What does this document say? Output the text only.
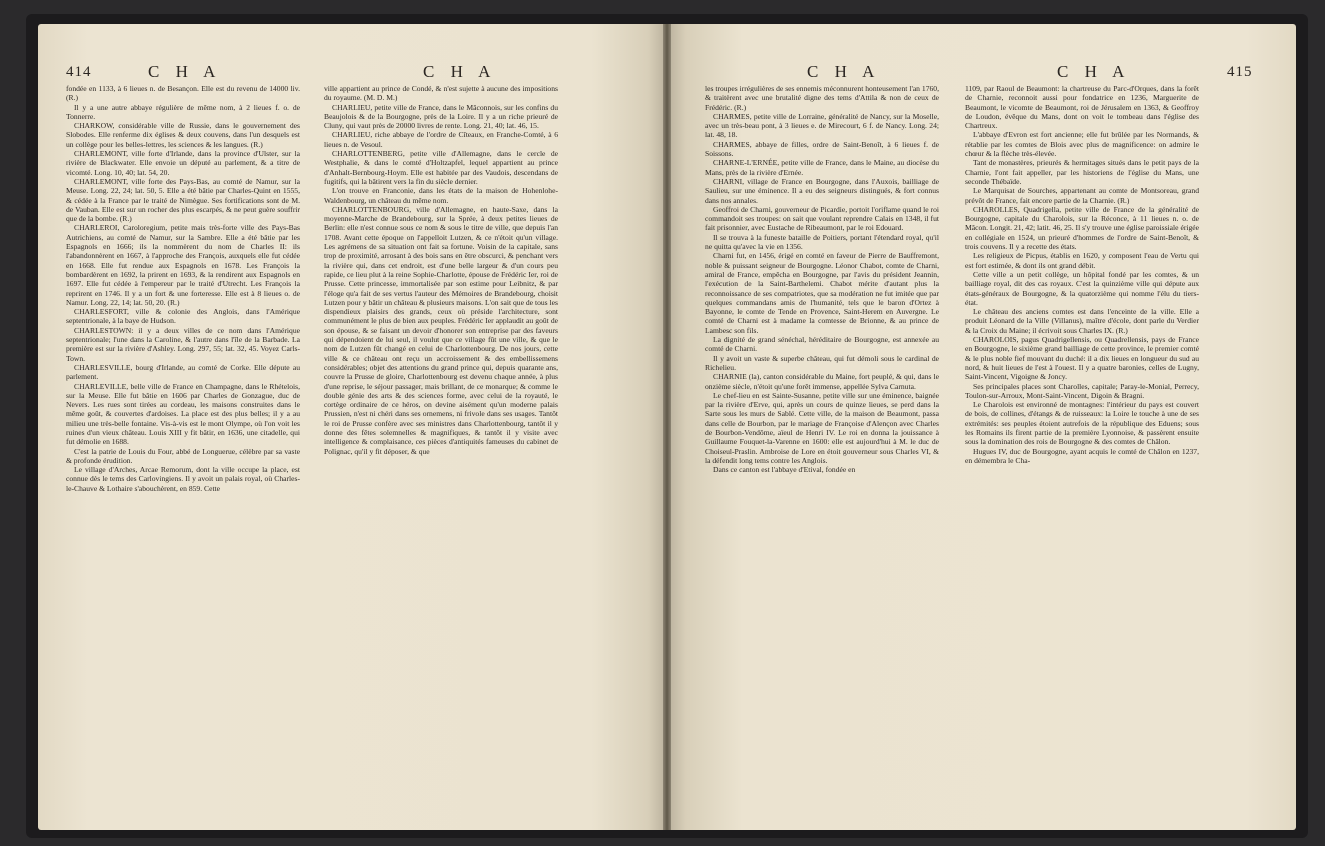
414	C H A	C H A

fondée en 1133, à 6 lieues n. de Besançon. Elle est du revenu de 14000 liv. (R.)

Il y a une autre abbaye régulière de même nom, à 2 lieues f. o. de Tonnerre.

CHARKOW, considérable ville de Russie, dans le gouvernement des Slobodes. Elle renferme dix églises & deux couvens, dans l'un desquels est un collège pour les belles-lettres, les sciences & les langues. (R.)

CHARLEMONT, ville forte d'Irlande, dans la province d'Ulster, sur la rivière de Blackwater. Elle envoie un député au parlement, & a titre de vicomté. Long. 10, 40; lat. 54, 20.

CHARLEMONT, ville forte des Pays-Bas, au comté de Namur, sur la Meuse. Long. 22, 24; lat. 50, 5. Elle a été bâtie par Charles-Quint en 1555, & cédée à la France par le traité de Nimègue. Ses fortifications sont de M. de Vauban. Elle est sur un rocher des plus escarpés, & ne peut guère souffrir que de la bombe. (R.)

CHARLEROI, Caroloregium, petite mais très-forte ville des Pays-Bas Autrichiens, au comté de Namur, sur la Sambre. Elle a été bâtie par les Espagnols en 1666; ils la nommèrent du nom de Charles II: ils l'abandonnèrent en 1667, à l'approche des François, auxquels elle fut cédée en 1668. Elle fut rendue aux Espagnols en 1678. Les François la bombardèrent en 1692, la prirent en 1693, & la rendirent aux Espagnols en 1697. Elle fut cédée à l'empereur par le traité d'Utrecht. Les François la reprirent en 1746. Il y a un fort & une forteresse. Elle est à 8 lieues o. de Namur. Long. 22, 14; lat. 50, 20. (R.)

CHARLESFORT, ville & colonie des Anglois, dans l'Amérique septentrionale, à la baye de Hudson.

CHARLESTOWN: il y a deux villes de ce nom dans l'Amérique septentrionale; l'une dans la Caroline, & l'autre dans l'île de la Barbade. La première est sur la rivière d'Ashley. Long. 297, 55; lat. 32, 45. Voyez Carls-Town.

CHARLESVILLE, bourg d'Irlande, au comté de Corke. Elle députe au parlement.

CHARLEVILLE, belle ville de France en Champagne, dans le Rhételois, sur la Meuse. Elle fut bâtie en 1606 par Charles de Gonzague, duc de Nevers. Les rues sont tirées au cordeau, les maisons construites dans le même goût, & couvertes d'ardoises. La place est des plus belles; il y a au milieu une très-belle fontaine. Vis-à-vis est le mont Olympe, où l'on voit les ruines d'un vieux château. Louis XIII y fit bâtir, en 1636, une citadelle, qui fut démolie en 1688.

C'est la patrie de Louis du Four, abbé de Longuerue, célèbre par sa vaste & profonde érudition.

Le village d'Arches, Arcae Remorum, dont la ville occupe la place, est connue dès le tems des Carlovingiens. Il y avoit un palais royal, où Charles-le-Chauve & Lothaire s'abouchèrent, en 859. Cette

ville appartient au prince de Condé, & n'est sujette à aucune des impositions du royaume. (M. D. M.)

CHARLIEU, petite ville de France, dans le Mâconnois, sur les confins du Beaujolois & de la Bourgogne, près de la Loire. Il y a un riche prieuré de Cluny, qui vaut près de 20000 livres de rente. Long. 21, 40; lat. 46, 15.

CHARLIEU, riche abbaye de l'ordre de Cîteaux, en Franche-Comté, à 6 lieues n. de Vesoul.

CHARLOTTENBERG, petite ville d'Allemagne, dans le cercle de Westphalie, & dans le comté d'Holtzapfel, lequel appartient au prince d'Anhalt-Bernbourg-Hoym. Elle est habitée par des Vaudois, descendans de fugitifs, qui la bâtirent vers la fin du siècle dernier.

L'on trouve en Franconie, dans les états de la maison de Hohenlohe-Waldenbourg, un château du même nom.

CHARLOTTENBOURG, ville d'Allemagne, en haute-Saxe, dans la moyenne-Marche de Brandebourg, sur la Sprée, à deux petites lieues de Berlin: elle n'est connue sous ce nom & sous le titre de ville, que depuis l'an 1708. Avant cette époque on l'appelloit Lutzen, & ce n'étoit qu'un village. Les agrémens de sa situation ont fait sa fortune. Voisin de la capitale, sans trop de proximité, arrosant à des bois sans en être obscurci, & penchant vers la rivière qui, dans cet endroit, est d'une belle largeur & d'un cours peu rapide, ce lieu plut à la reine Sophie-Charlotte, épouse de Frédéric Ier, roi de Prusse. Cette princesse, immortalisée par son estime pour Leibnitz, & par l'éloge qu'a fait de ses vertus l'auteur des Mémoires de Brandebourg, choisit Lutzen pour y bâtir un château & plusieurs maisons. L'on sait que de tous les dispendieux plaisirs des grands, ceux où préside l'architecture, sont communément le plus de bien aux peuples. Frédéric Ier applaudit au goût de son épouse, & se faisant un devoir d'honorer son entreprise par des faveurs qui dépendoient de lui seul, il voulut que ce village fût une ville, & que le nom de Lutzen fût changé en celui de Charlottenbourg. De nos jours, cette ville & ce château ont reçu un accroissement & des embellissemens considérables; objet des attentions du grand prince qui, depuis quarante ans, couvre la Prusse de gloire, Charlottenbourg est devenu chaque année, à plus d'une reprise, le séjour passager, mais brillant, de ce monarque; & comme le double génie des arts & des sciences forme, avec celui de la royauté, le cortège ordinaire de ce héros, on devine aisément qu'un moderne palais Prussien, n'est ni chéri dans ses ornemens, ni frivole dans ses usages. Tantôt le roi de Prusse confère avec ses ministres dans Charlottenbourg, tantôt il y donne des fêtes solemnelles & magnifiques, & tantôt il y visite avec intelligence & complaisance, ces pièces d'antiquités fameuses du cabinet de Polignac, qu'il y fit déposer, & que

C H A	C H A	415

les troupes irrégulières de ses ennemis méconnurent honteusement l'an 1760, & traitèrent avec une brutalité digne des tems d'Attila & non de ceux de Frédéric. (R.)

CHARMES, petite ville de Lorraine, généralité de Nancy, sur la Moselle, avec un très-beau pont, à 3 lieues e. de Mirecourt, 6 f. de Nancy. Long. 24; lat. 48, 18.

CHARMES, abbaye de filles, ordre de Saint-Benoît, à 6 lieues f. de Soissons.

CHARNE-L'ERNÉE, petite ville de France, dans le Maine, au diocèse du Mans, près de la rivière d'Ernée.

CHARNI, village de France en Bourgogne, dans l'Auxois, bailliage de Saulieu, sur une éminence. Il a eu des seigneurs distingués, & fort connus dans nos annales.

Geoffroi de Charni, gouverneur de Picardie, portoit l'oriflame quand le roi commandoit ses troupes: on sait que voulant reprendre Calais en 1348, il fut fait prisonnier, avec Eustache de Ribeaumont, par le roi Edouard.

Il se trouva à la funeste bataille de Poitiers, portant l'étendard royal, qu'il ne quitta qu'avec la vie en 1356.

Charni fut, en 1456, érigé en comté en faveur de Pierre de Bauffremont, noble & puissant seigneur de Bourgogne. Léonor Chabot, comte de Charni, amiral de France, empêcha en Bourgogne, par l'avis du président Jeannin, l'exécution de la Saint-Barthelemi. Chabot mérite d'autant plus la reconnoissance de ses compatriotes, que sa modération ne fut imitée que par quelques commandans amis de l'humanité, tels que le baron d'Ortez à Bayonne, le comte de Tende en Provence, Saint-Herem en Auvergne. Le comté de Charni est à madame la comtesse de Brionne, & au prince de Lambesc son fils.

La dignité de grand sénéchal, héréditaire de Bourgogne, est annexée au comté de Charni.

Il y avoit un vaste & superbe château, qui fut démoli sous le cardinal de Richelieu.

CHARNIE (la), canton considérable du Maine, fort peuplé, & qui, dans le onzième siècle, n'étoit qu'une forêt immense, appellée Sylva Carnuta.

Le chef-lieu en est Sainte-Susanne, petite ville sur une éminence, baignée par la rivière d'Erve, qui, après un cours de quinze lieues, se perd dans la Sarte sous les murs de Sablé. Cette ville, de la maison de Beaumont, passa dans celle de Bourbon, par le mariage de Françoise d'Alençon avec Charles de Bourbon-Vendôme, aïeul de Henri IV. Le roi en donna la jouissance à Guillaume Fouquet-la-Varenne en 1600: elle est aujourd'hui à M. le duc de Choiseul-Praslin. Ambroise de Lore en étoit gouverneur sous Charles VI, & la défendit long tems contre les Anglois.

Dans ce canton est l'abbaye d'Etival, fondée en

1109, par Raoul de Beaumont: la chartreuse du Parc-d'Orques, dans la forêt de Charnie, reconnoit aussi pour fondatrice en 1236, Marguerite de Beaumont, le vicomte de Beaumont, roi de Jérusalem en 1363, & Geoffroy de Loudon, évêque du Mans, dont on voit le tombeau dans l'église des Chartreux.

L'abbaye d'Evron est fort ancienne; elle fut brûlée par les Normands, & rétablie par les comtes de Blois avec plus de magnificence: on admire le chœur & la flèche très-élevée.

Tant de monastères, prieurés & hermitages situés dans le petit pays de la Charnie, l'ont fait appeller, par les historiens de l'église du Mans, une seconde Thébaïde.

Le Marquisat de Sourches, appartenant au comte de Montsoreau, grand prévôt de France, fait encore partie de la Charnie. (R.)

CHAROLLES, Quadrigella, petite ville de France de la généralité de Bourgogne, capitale du Charolois, sur la Réconce, à 11 lieues n. o. de Mâcon. Longit. 21, 42; latit. 46, 25. Il s'y trouve une église paroissiale érigée en collégiale en 1524, un prieuré d'hommes de l'ordre de Saint-Benoît, & trois couvens. Il y a recette des états.

Les religieux de Picpus, établis en 1620, y composent l'eau de Vertu qui est fort estimée, & dont ils ont grand débit.

Cette ville a un petit collège, un hôpital fondé par les comtes, & un bailliage royal, dit des cas royaux. C'est la quinzième ville qui députe aux états-généraux de Bourgogne, & la quatorzième qui nomme l'élu du tiers-état.

Le château des anciens comtes est dans l'enceinte de la ville. Elle a produit Léonard de la Ville (Villanus), maître d'école, dont parle du Verdier & la Croix du Maine; il écrivoit sous Charles IX. (R.)

CHAROLOIS, pagus Quadrigellensis, ou Quadrellensis, pays de France en Bourgogne, le sixième grand bailliage de cette province, le premier comté & le plus noble fief mouvant du duché: il a dix lieues en longueur du sud au nord, & huit lieues de l'est à l'ouest. Il y a quatre baronies, celles de Lugny, Saint-Vincent, Vigoigne & Joncy.

Ses principales places sont Charolles, capitale; Paray-le-Monial, Perrecy, Toulon-sur-Arroux, Mont-Saint-Vincent, Digoin & Bragni.

Le Charolois est environné de montagnes: l'intérieur du pays est couvert de bois, de collines, d'étangs & de ruisseaux: la Loire le touche à une de ses extrémités: ses peuples étoient autrefois de la république des Eduens; sous les Romains ils firent partie de la première Lyonnoise, & passèrent ensuite sous la domination des rois de Bourgogne & des comtes de Châlon.

Hugues IV, duc de Bourgogne, ayant acquis le comté de Châlon en 1237, en démembra le Cha-
